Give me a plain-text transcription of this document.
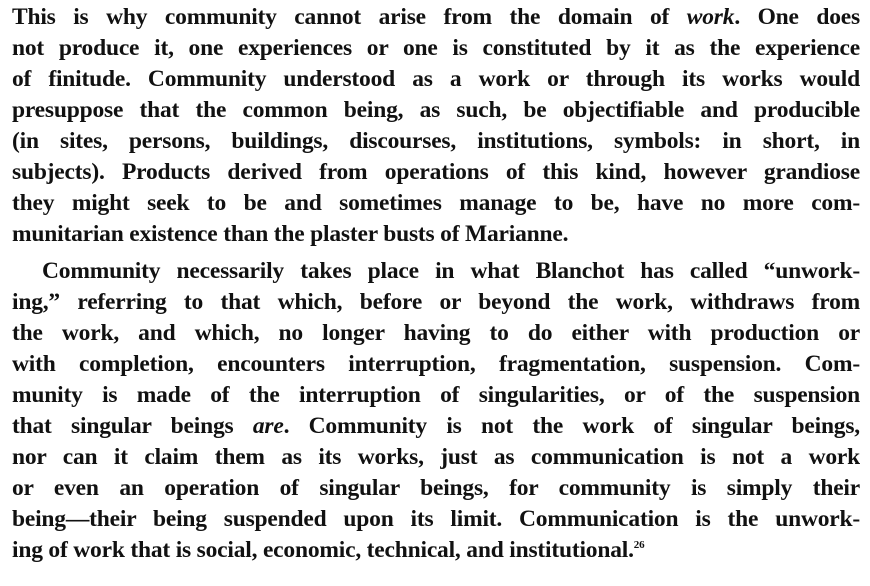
This is why community cannot arise from the domain of work. One does
not produce it, one experiences or one is constituted by it as the experience
of finitude. Community understood as a work or through its works would
presuppose that the common being, as such, be objectifiable and producible
(in sites, persons, buildings, discourses, institutions, symbols: in short, in
subjects). Products derived from operations of this kind, however grandiose
they might seek to be and sometimes manage to be, have no more com-
munitarian existence than the plaster busts of Marianne.
Community necessarily takes place in what Blanchot has called “unwork-
ing,” referring to that which, before or beyond the work, withdraws from
the work, and which, no longer having to do either with production or
with completion, encounters interruption, fragmentation, suspension. Com-
munity is made of the interruption of singularities, or of the suspension
that singular beings are. Community is not the work of singular beings,
nor can it claim them as its works, just as communication is not a work
or even an operation of singular beings, for community is simply their
being—their being suspended upon its limit. Communication is the unwork-
ing of work that is social, economic, technical, and institutional.$^{26}$
